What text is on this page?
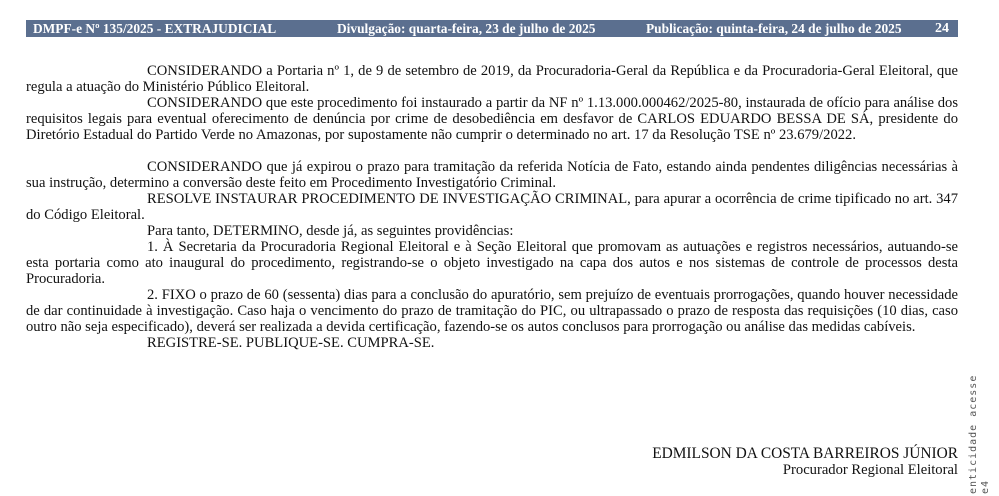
DMPF-e Nº 135/2025 - EXTRAJUDICIAL	Divulgação: quarta-feira, 23 de julho de 2025	Publicação: quinta-feira, 24 de julho de 2025 24

CONSIDERANDO a Portaria nº 1, de 9 de setembro de 2019, da Procuradoria-Geral da República e da Procuradoria-Geral Eleitoral, que regula a atuação do Ministério Público Eleitoral.

CONSIDERANDO que este procedimento foi instaurado a partir da NF nº 1.13.000.000462/2025-80, instaurada de ofício para análise dos requisitos legais para eventual oferecimento de denúncia por crime de desobediência em desfavor de CARLOS EDUARDO BESSA DE SÁ, presidente do Diretório Estadual do Partido Verde no Amazonas, por supostamente não cumprir o determinado no art. 17 da Resolução TSE nº 23.679/2022.

CONSIDERANDO que já expirou o prazo para tramitação da referida Notícia de Fato, estando ainda pendentes diligências necessárias à sua instrução, determino a conversão deste feito em Procedimento Investigatório Criminal.

RESOLVE INSTAURAR PROCEDIMENTO DE INVESTIGAÇÃO CRIMINAL, para apurar a ocorrência de crime tipificado no art. 347 do Código Eleitoral.

Para tanto, DETERMINO, desde já, as seguintes providências:

1. À Secretaria da Procuradoria Regional Eleitoral e à Seção Eleitoral que promovam as autuações e registros necessários, autuando-se esta portaria como ato inaugural do procedimento, registrando-se o objeto investigado na capa dos autos e nos sistemas de controle de processos desta Procuradoria.

2. FIXO o prazo de 60 (sessenta) dias para a conclusão do apuratório, sem prejuízo de eventuais prorrogações, quando houver necessidade de dar continuidade à investigação. Caso haja o vencimento do prazo de tramitação do PIC, ou ultrapassado o prazo de resposta das requisições (10 dias, caso outro não seja especificado), deverá ser realizada a devida certificação, fazendo-se os autos conclusos para prorrogação ou análise das medidas cabíveis.

REGISTRE-SE. PUBLIQUE-SE. CUMPRA-SE.

EDMILSON DA COSTA BARREIROS JÚNIOR
Procurador Regional Eleitoral enticidade acesse e4
